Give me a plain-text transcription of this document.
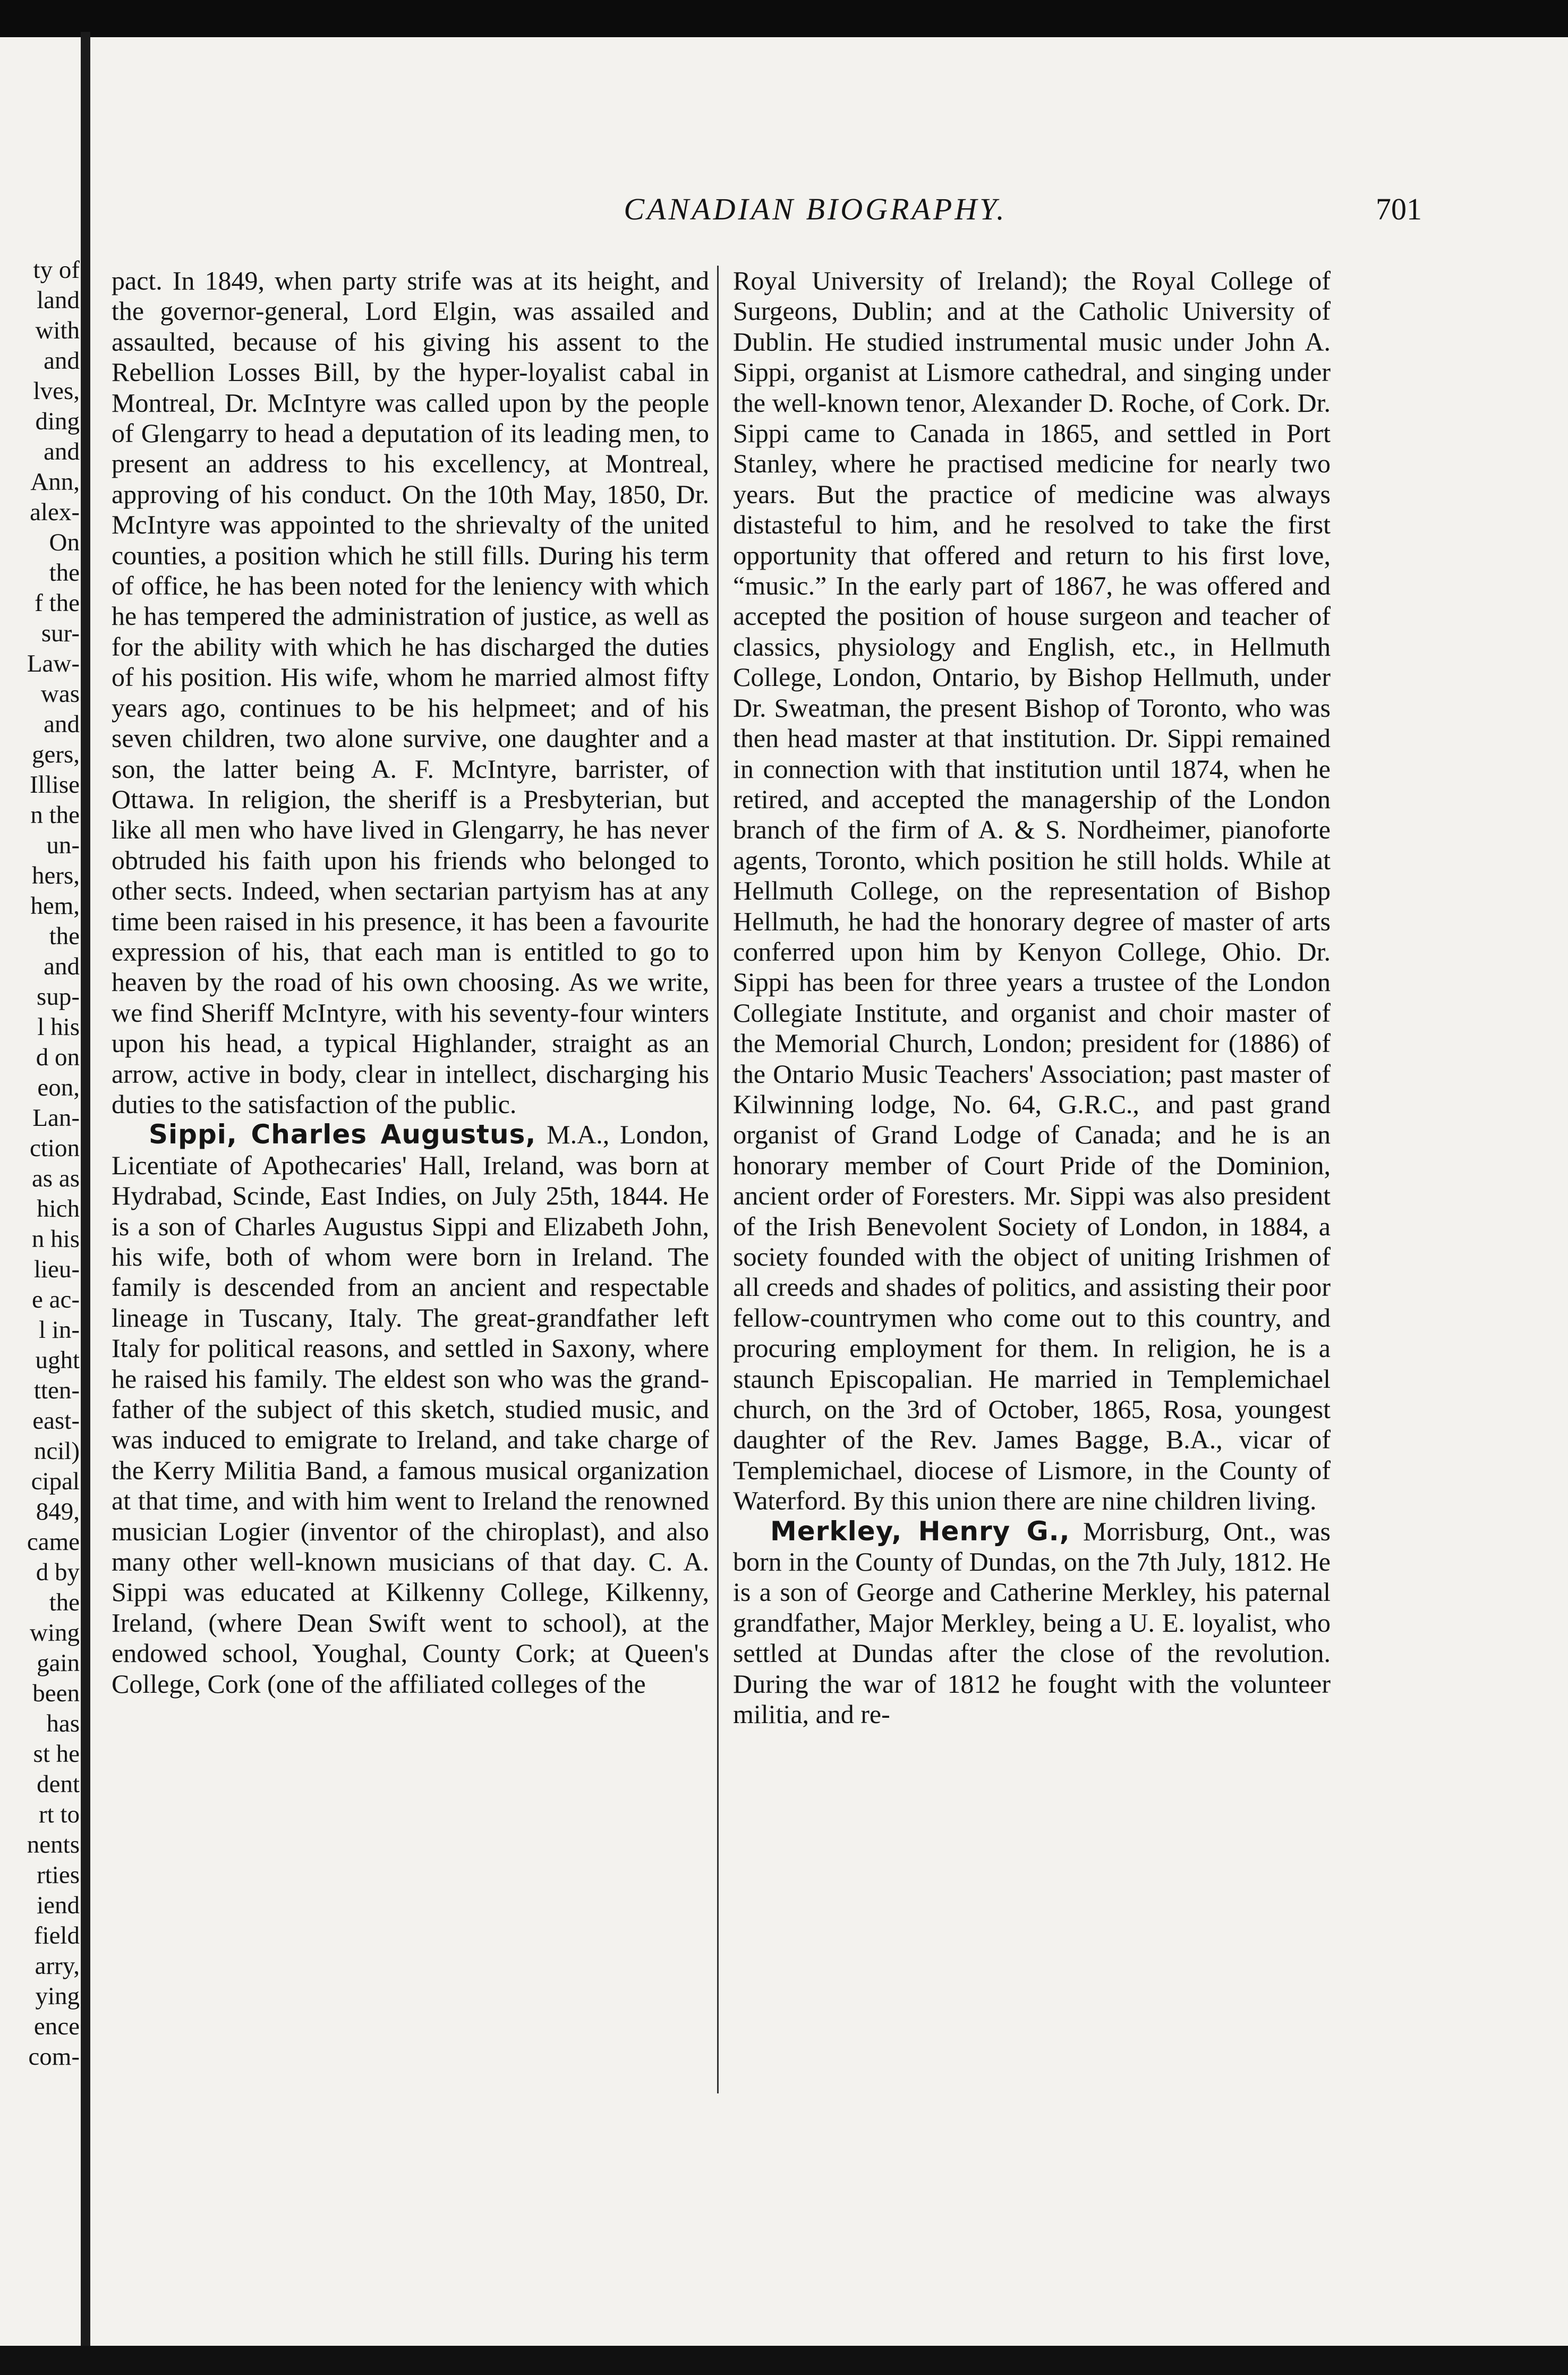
ty of
land
with
and
lves,
ding
and
Ann,
alex-
On
the
f the
sur-
Law-
was
and
gers,
Illise
n the
un-
hers,
hem,
the
and
sup-
l his
d on
eon,
Lan-
ction
as as
hich
n his
lieu-
e ac-
l in-
ught
tten-
east-
ncil)
cipal
849,
came
d by
the
wing
gain
been
has
st he
dent
rt to
nents
rties
iend
field
arry,
ying
ence
com-
CANADIAN BIOGRAPHY.	701

pact. In 1849, when party strife was at its height, and the governor-general, Lord Elgin, was assailed and assaulted, because of his giving his assent to the Rebellion Losses Bill, by the hyper-loyalist cabal in Montreal, Dr. McIntyre was called upon by the people of Glengarry to head a deputation of its leading men, to present an address to his excellency, at Montreal, approving of his conduct. On the 10th May, 1850, Dr. McIntyre was appointed to the shrievalty of the united counties, a position which he still fills. During his term of office, he has been noted for the leniency with which he has tempered the administration of justice, as well as for the ability with which he has discharged the duties of his position. His wife, whom he married almost fifty years ago, continues to be his helpmeet; and of his seven children, two alone survive, one daughter and a son, the latter being A. F. McIntyre, barrister, of Ottawa. In religion, the sheriff is a Presbyterian, but like all men who have lived in Glengarry, he has never obtruded his faith upon his friends who belonged to other sects. Indeed, when sectarian partyism has at any time been raised in his presence, it has been a favourite expression of his, that each man is entitled to go to heaven by the road of his own choosing. As we write, we find Sheriff McIntyre, with his seventy-four winters upon his head, a typical Highlander, straight as an arrow, active in body, clear in intellect, discharging his duties to the satisfaction of the public.

Sippi, Charles Augustus, M.A., London, Licentiate of Apothecaries' Hall, Ireland, was born at Hydrabad, Scinde, East Indies, on July 25th, 1844. He is a son of Charles Augustus Sippi and Elizabeth John, his wife, both of whom were born in Ireland. The family is descended from an ancient and respectable lineage in Tuscany, Italy. The great-grandfather left Italy for political reasons, and settled in Saxony, where he raised his family. The eldest son who was the grand-father of the subject of this sketch, studied music, and was induced to emigrate to Ireland, and take charge of the Kerry Militia Band, a famous musical organization at that time, and with him went to Ireland the renowned musician Logier (inventor of the chiroplast), and also many other well-known musicians of that day. C. A. Sippi was educated at Kilkenny College, Kilkenny, Ireland, (where Dean Swift went to school), at the endowed school, Youghal, County Cork; at Queen's College, Cork (one of the affiliated colleges of the

Royal University of Ireland); the Royal College of Surgeons, Dublin; and at the Catholic University of Dublin. He studied instrumental music under John A. Sippi, organist at Lismore cathedral, and singing under the well-known tenor, Alexander D. Roche, of Cork. Dr. Sippi came to Canada in 1865, and settled in Port Stanley, where he practised medicine for nearly two years. But the practice of medicine was always distasteful to him, and he resolved to take the first opportunity that offered and return to his first love, “music.” In the early part of 1867, he was offered and accepted the position of house surgeon and teacher of classics, physiology and English, etc., in Hellmuth College, London, Ontario, by Bishop Hellmuth, under Dr. Sweatman, the present Bishop of Toronto, who was then head master at that institution. Dr. Sippi remained in connection with that institution until 1874, when he retired, and accepted the managership of the London branch of the firm of A. & S. Nordheimer, pianoforte agents, Toronto, which position he still holds. While at Hellmuth College, on the representation of Bishop Hellmuth, he had the honorary degree of master of arts conferred upon him by Kenyon College, Ohio. Dr. Sippi has been for three years a trustee of the London Collegiate Institute, and organist and choir master of the Memorial Church, London; president for (1886) of the Ontario Music Teachers' Association; past master of Kilwinning lodge, No. 64, G.R.C., and past grand organist of Grand Lodge of Canada; and he is an honorary member of Court Pride of the Dominion, ancient order of Foresters. Mr. Sippi was also president of the Irish Benevolent Society of London, in 1884, a society founded with the object of uniting Irishmen of all creeds and shades of politics, and assisting their poor fellow-countrymen who come out to this country, and procuring employment for them. In religion, he is a staunch Episcopalian. He married in Templemichael church, on the 3rd of October, 1865, Rosa, youngest daughter of the Rev. James Bagge, B.A., vicar of Templemichael, diocese of Lismore, in the County of Waterford. By this union there are nine children living.

Merkley, Henry G., Morrisburg, Ont., was born in the County of Dundas, on the 7th July, 1812. He is a son of George and Catherine Merkley, his paternal grandfather, Major Merkley, being a U. E. loyalist, who settled at Dundas after the close of the revolution. During the war of 1812 he fought with the volunteer militia, and re-
